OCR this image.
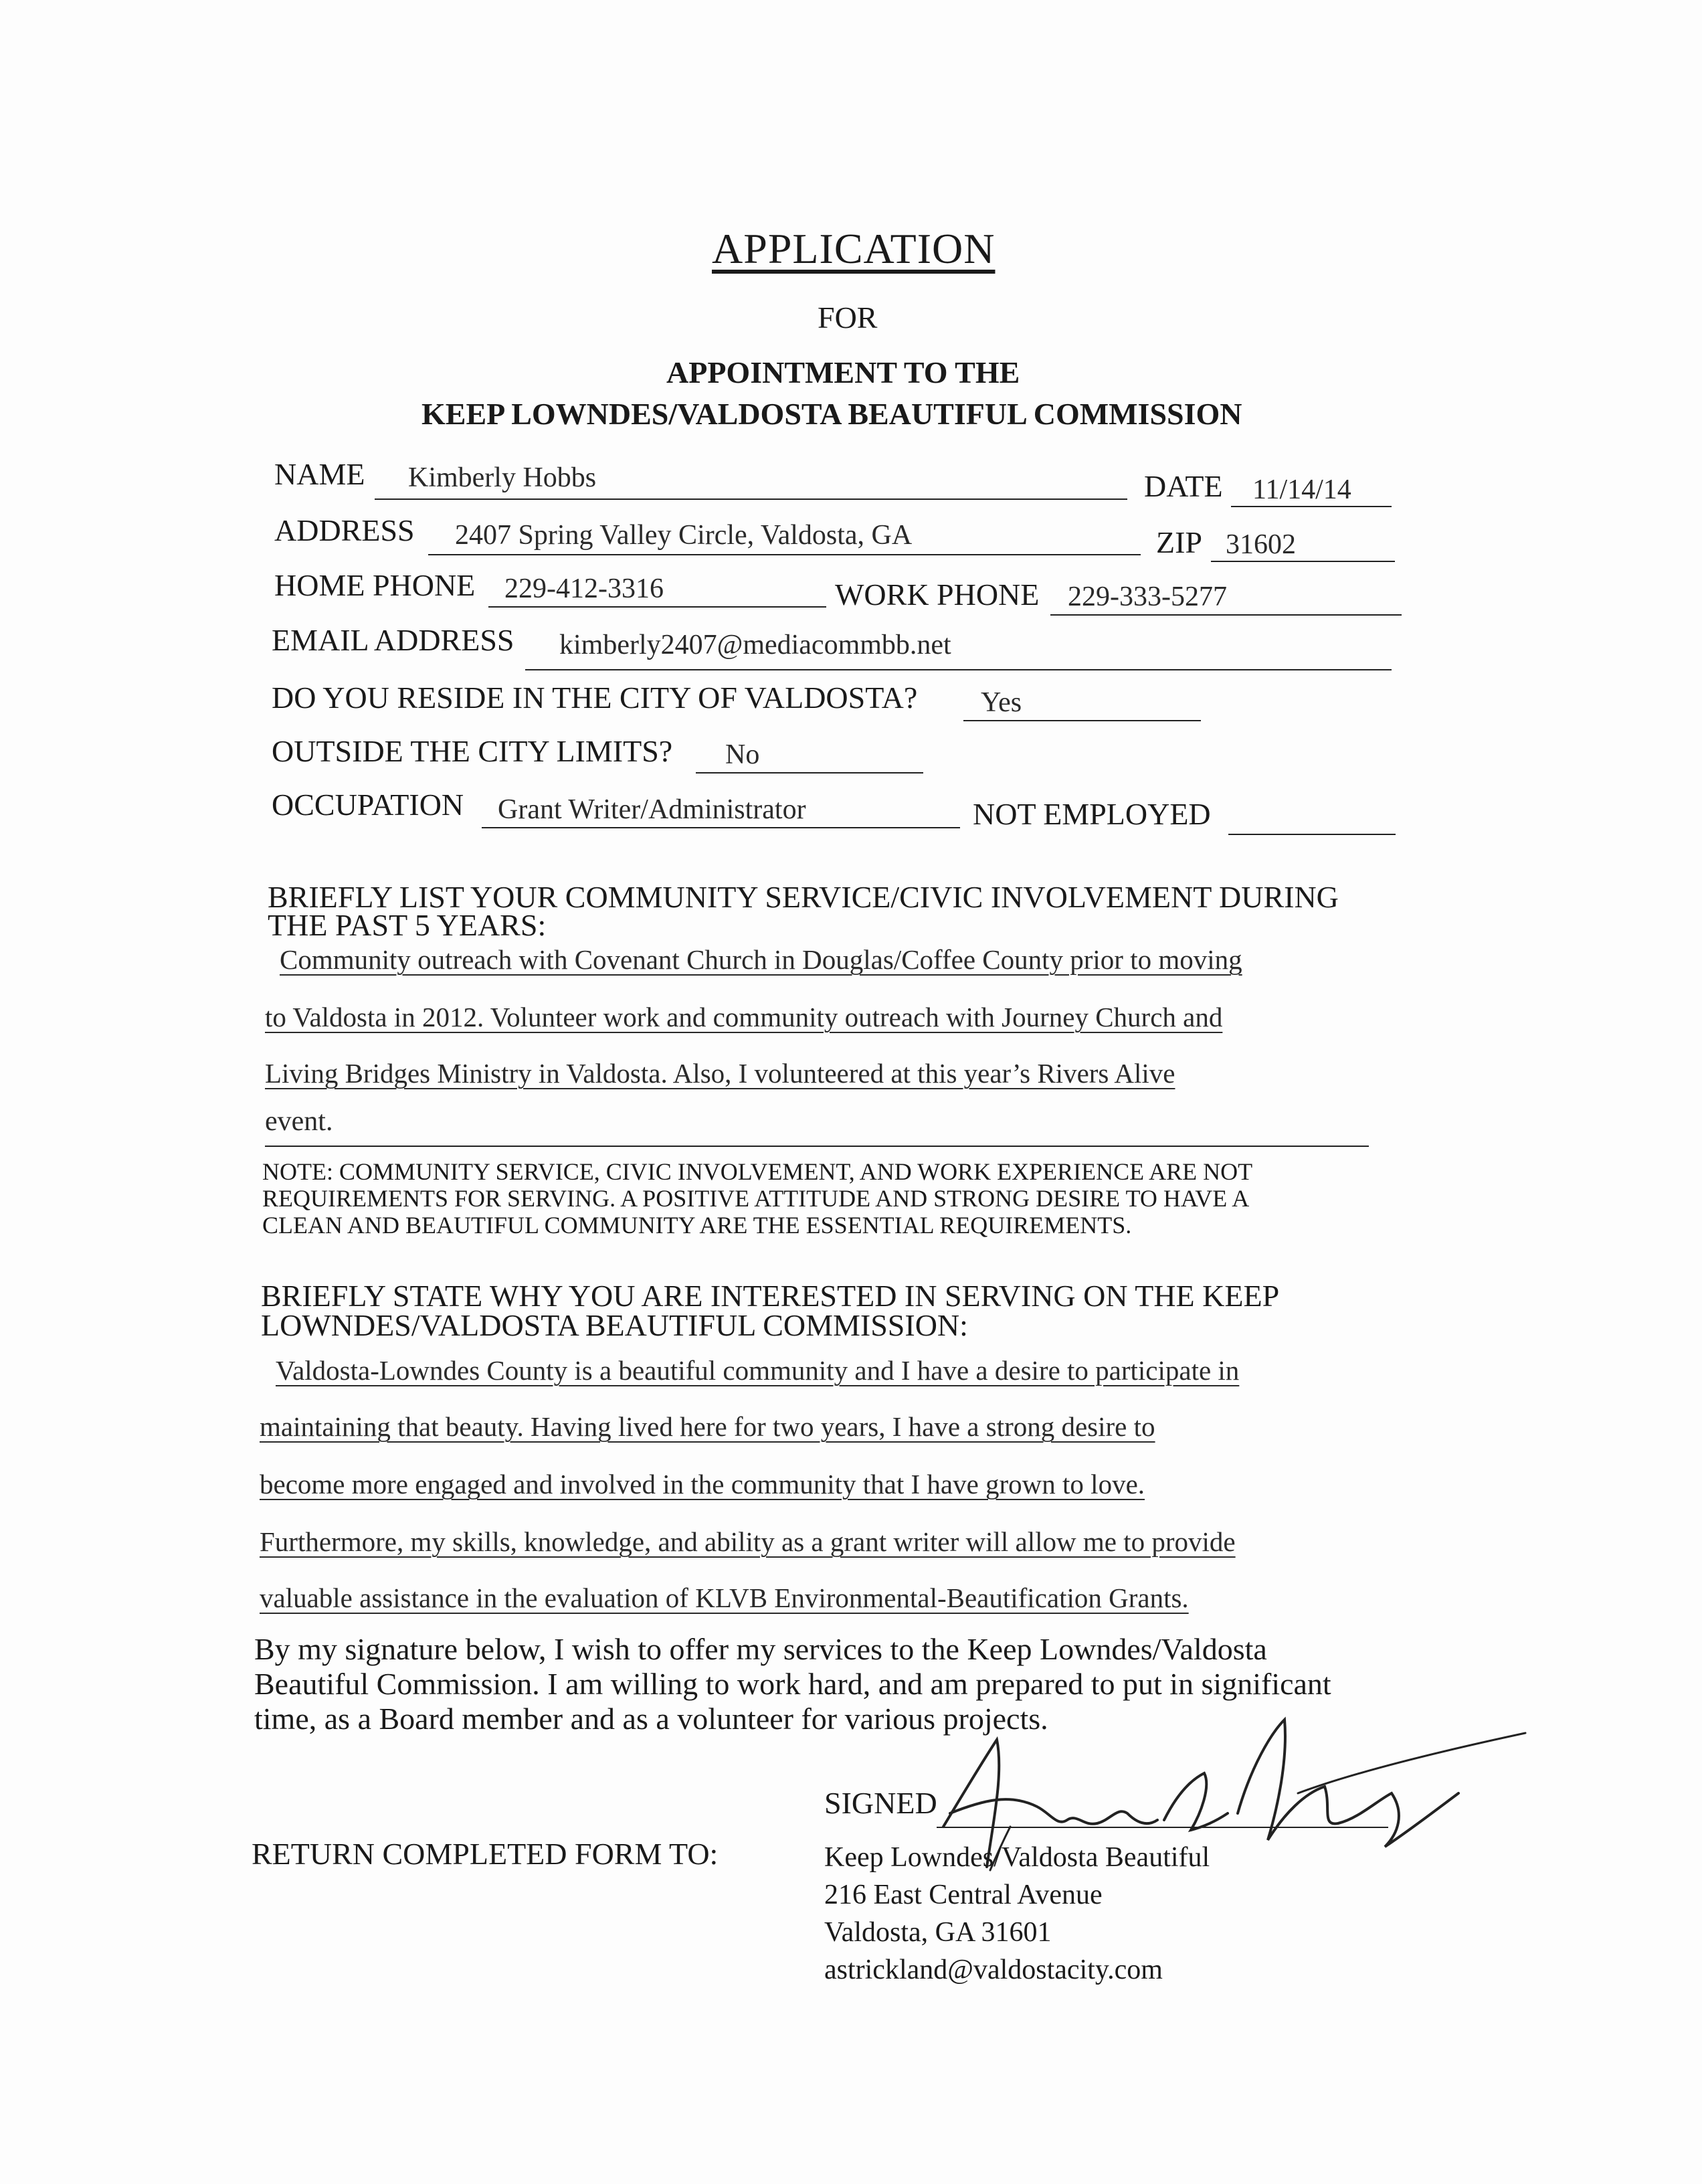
APPLICATION
FOR
APPOINTMENT TO THE
KEEP LOWNDES/VALDOSTA BEAUTIFUL COMMISSION
NAME Kimberly Hobbs	DATE 11/14/14
ADDRESS 2407 Spring Valley Circle, Valdosta, GA	ZIP 31602
HOME PHONE 229-412-3316	WORK PHONE 229-333-5277
EMAIL ADDRESS kimberly2407@mediacommbb.net
DO YOU RESIDE IN THE CITY OF VALDOSTA? Yes
OUTSIDE THE CITY LIMITS? No
OCCUPATION Grant Writer/Administrator	NOT EMPLOYED
BRIEFLY LIST YOUR COMMUNITY SERVICE/CIVIC INVOLVEMENT DURING
THE PAST 5 YEARS:
Community outreach with Covenant Church in Douglas/Coffee County prior to moving
to Valdosta in 2012. Volunteer work and community outreach with Journey Church and
Living Bridges Ministry in Valdosta. Also, I volunteered at this year’s Rivers Alive
event.
NOTE: COMMUNITY SERVICE, CIVIC INVOLVEMENT, AND WORK EXPERIENCE ARE NOT
REQUIREMENTS FOR SERVING. A POSITIVE ATTITUDE AND STRONG DESIRE TO HAVE A
CLEAN AND BEAUTIFUL COMMUNITY ARE THE ESSENTIAL REQUIREMENTS.
BRIEFLY STATE WHY YOU ARE INTERESTED IN SERVING ON THE KEEP
LOWNDES/VALDOSTA BEAUTIFUL COMMISSION:
Valdosta-Lowndes County is a beautiful community and I have a desire to participate in
maintaining that beauty. Having lived here for two years, I have a strong desire to
become more engaged and involved in the community that I have grown to love.
Furthermore, my skills, knowledge, and ability as a grant writer will allow me to provide
valuable assistance in the evaluation of KLVB Environmental-Beautification Grants.
By my signature below, I wish to offer my services to the Keep Lowndes/Valdosta
Beautiful Commission. I am willing to work hard, and am prepared to put in significant
time, as a Board member and as a volunteer for various projects.
SIGNED
RETURN COMPLETED FORM TO:	Keep Lowndes/Valdosta Beautiful
216 East Central Avenue
Valdosta, GA 31601
astrickland@valdostacity.com
